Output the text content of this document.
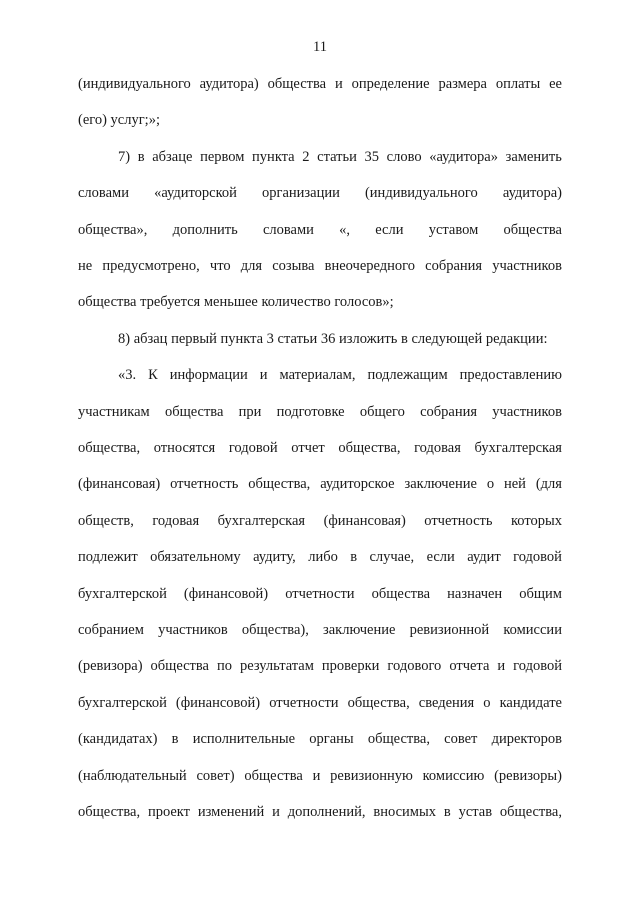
11
(индивидуального аудитора) общества и определение размера оплаты ее
(его) услуг;»;
7) в абзаце первом пункта 2 статьи 35 слово «аудитора» заменить
словами «аудиторской организации (индивидуального аудитора)
общества», дополнить словами «, если уставом общества
не предусмотрено, что для созыва внеочередного собрания участников
общества требуется меньшее количество голосов»;
8) абзац первый пункта 3 статьи 36 изложить в следующей редакции:
«3. К информации и материалам, подлежащим предоставлению
участникам общества при подготовке общего собрания участников
общества, относятся годовой отчет общества, годовая бухгалтерская
(финансовая) отчетность общества, аудиторское заключение о ней (для
обществ, годовая бухгалтерская (финансовая) отчетность которых
подлежит обязательному аудиту, либо в случае, если аудит годовой
бухгалтерской (финансовой) отчетности общества назначен общим
собранием участников общества), заключение ревизионной комиссии
(ревизора) общества по результатам проверки годового отчета и годовой
бухгалтерской (финансовой) отчетности общества, сведения о кандидате
(кандидатах) в исполнительные органы общества, совет директоров
(наблюдательный совет) общества и ревизионную комиссию (ревизоры)
общества, проект изменений и дополнений, вносимых в устав общества,
